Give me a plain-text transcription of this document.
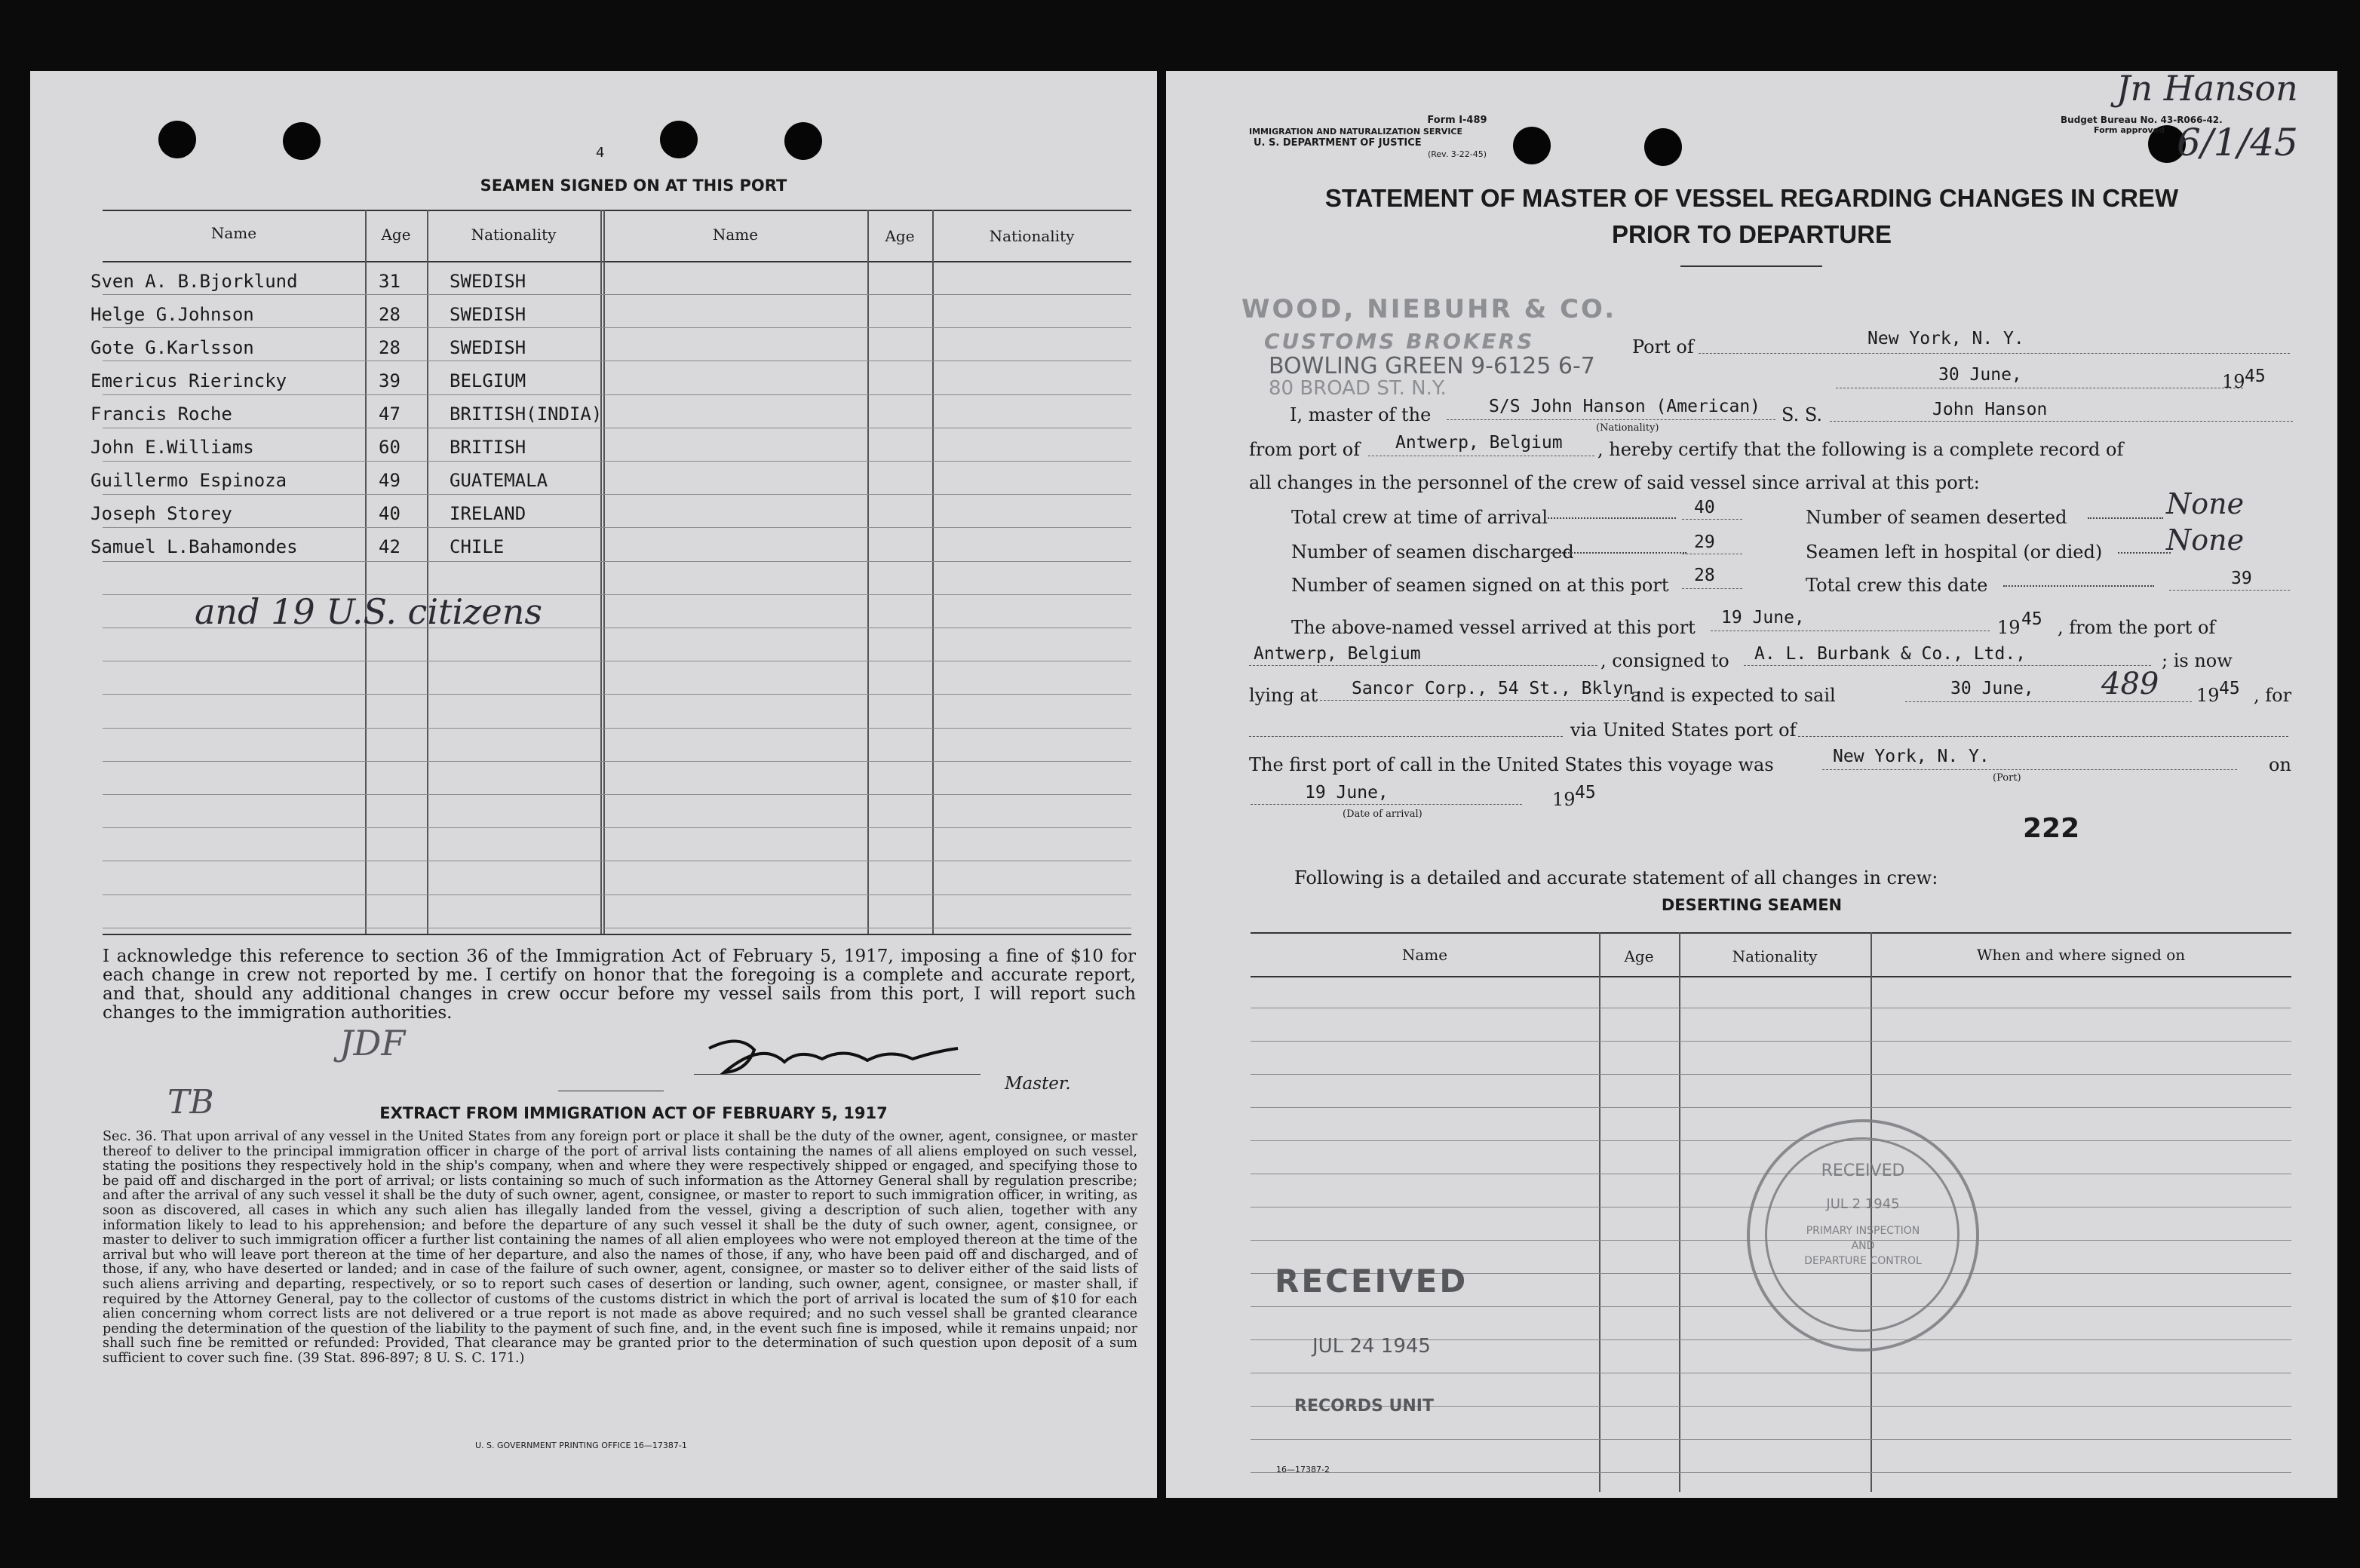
4
SEAMEN SIGNED ON AT THIS PORT
Name	Age	Nationality	Name	Age	Nationality
Sven A. B.Bjorklund	31	SWEDISH
Helge G.Johnson	28	SWEDISH
Gote G.Karlsson	28	SWEDISH
Emericus Rierincky	39	BELGIUM
Francis Roche	47	BRITISH(INDIA)
John E.Williams	60	BRITISH
Guillermo Espinoza	49	GUATEMALA
Joseph Storey	40	IRELAND
Samuel L.Bahamondes	42	CHILE
and 19 U.S. citizens
I acknowledge this reference to section 36 of the Immigration Act of February 5, 1917, imposing a fine of $10 for each change in crew not reported by me. I certify on honor that the foregoing is a complete and accurate report, and that, should any additional changes in crew occur before my vessel sails from this port, I will report such changes to the immigration authorities.
JDF
TB	Master.
EXTRACT FROM IMMIGRATION ACT OF FEBRUARY 5, 1917
Sec. 36. That upon arrival of any vessel in the United States from any foreign port or place it shall be the duty of the owner, agent, consignee, or master thereof to deliver to the principal immigration officer in charge of the port of arrival lists containing the names of all aliens employed on such vessel, stating the positions they respectively hold in the ship's company, when and where they were respectively shipped or engaged, and specifying those to be paid off and discharged in the port of arrival; or lists containing so much of such information as the Attorney General shall by regulation prescribe; and after the arrival of any such vessel it shall be the duty of such owner, agent, consignee, or master to report to such immigration officer, in writing, as soon as discovered, all cases in which any such alien has illegally landed from the vessel, giving a description of such alien, together with any information likely to lead to his apprehension; and before the departure of any such vessel it shall be the duty of such owner, agent, consignee, or master to deliver to such immigration officer a further list containing the names of all alien employees who were not employed thereon at the time of the arrival but who will leave port thereon at the time of her departure, and also the names of those, if any, who have been paid off and discharged, and of those, if any, who have deserted or landed; and in case of the failure of such owner, agent, consignee, or master so to deliver either of the said lists of such aliens arriving and departing, respectively, or so to report such cases of desertion or landing, such owner, agent, consignee, or master shall, if required by the Attorney General, pay to the collector of customs of the customs district in which the port of arrival is located the sum of $10 for each alien concerning whom correct lists are not delivered or a true report is not made as above required; and no such vessel shall be granted clearance pending the determination of the question of the liability to the payment of such fine, and, in the event such fine is imposed, while it remains unpaid; nor shall such fine be remitted or refunded: Provided, That clearance may be granted prior to the determination of such question upon deposit of a sum sufficient to cover such fine. (39 Stat. 896-897; 8 U. S. C. 171.)
U. S. GOVERNMENT PRINTING OFFICE 16—17387-1
Form I-489
IMMIGRATION AND NATURALIZATION SERVICE
U. S. DEPARTMENT OF JUSTICE
(Rev. 3-22-45)
Budget Bureau No. 43-R066-42.
Form approved
Jn Hanson
6/1/45
STATEMENT OF MASTER OF VESSEL REGARDING CHANGES IN CREW
PRIOR TO DEPARTURE
WOOD, NIEBUHR & CO.
CUSTOMS BROKERS
BOWLING GREEN 9-6125 6-7
80 BROAD ST. N.Y.
Port of	New York, N. Y.
30 June,	19 45
I, master of the	S/S John Hanson (American)
(Nationality)
S. S.	John Hanson
from port of Antwerp, Belgium , hereby certify that the following is a complete record of
all changes in the personnel of the crew of said vessel since arrival at this port:
Total crew at time of arrival	40	Number of seamen deserted	None
Number of seamen discharged	29	Seamen left in hospital (or died) None
Number of seamen signed on at this port 28	Total crew this date	39
The above-named vessel arrived at this port 19 June,	19 45 , from the port of
Antwerp, Belgium	, consigned to A. L. Burbank & Co., Ltd.,	; is now
lying at Sancor Corp., 54 St., Bklyn,
and is expected to sail	30 June, 489 19 45 , for
via United States port of
The first port of call in the United States this voyage was	New York, N. Y.
(Port)
on
19 June,
(Date of arrival)
19 45
222
Following is a detailed and accurate statement of all changes in crew:
DESERTING SEAMEN
Name	Age	Nationality	When and where signed on
RECEIVED
JUL 24 1945
RECORDS UNIT
RECEIVED
JUL 2 1945
PRIMARY INSPECTION
AND
DEPARTURE CONTROL
16—17387-2
